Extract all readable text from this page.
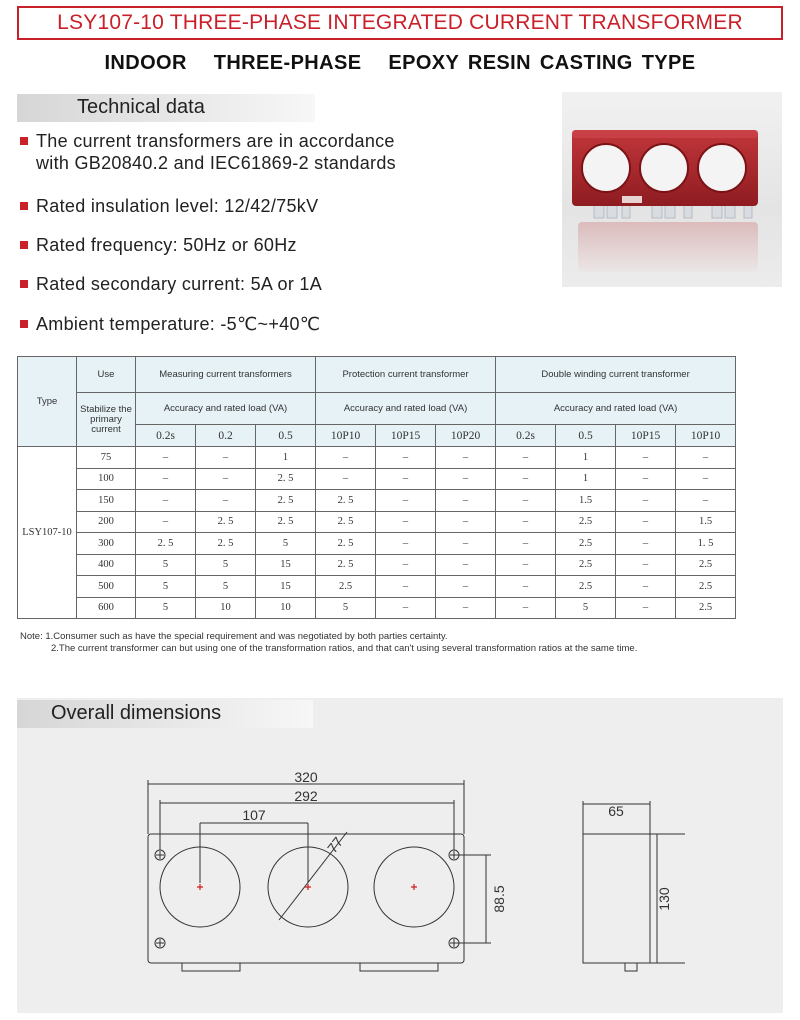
LSY107-10 THREE-PHASE INTEGRATED CURRENT TRANSFORMER
INDOOR   THREE-PHASE   EPOXY RESIN CASTING TYPE
Technical data
The current transformers are in accordance
with GB20840.2 and IEC61869-2 standards
Rated insulation level: 12/42/75kV
Rated frequency: 50Hz or 60Hz
Rated secondary current: 5A or 1A
Ambient temperature: -5℃~+40℃
Type	Use	Measuring current transformers			Protection current transformer			Double winding current transformer			
	Stabilize the primary current	Accuracy and rated load (VA)			Accuracy and rated load (VA)			Accuracy and rated load (VA)			
		0.2s	0.2	0.5	10P10	10P15	10P20	0.2s	0.5	10P15	10P10
LSY107-10	75	–	–	1	–	–	–	–	1	–	–
	100	–	–	2. 5	–	–	–	–	1	–	–
	150	–	–	2. 5	2. 5	–	–	–	1.5	–	–
	200	–	2. 5	2. 5	2. 5	–	–	–	2.5	–	1.5
	300	2. 5	2. 5	5	2. 5	–	–	–	2.5	–	1. 5
	400	5	5	15	2. 5	–	–	–	2.5	–	2.5
	500	5	5	15	2.5	–	–	–	2.5	–	2.5
	600	5	10	10	5	–	–	–	5	–	2.5
Note: 1.Consumer such as have the special requirement and was negotiated by both parties certainty.
2.The current transformer can but using one of the transformation ratios, and that can't using several transformation ratios at the same time.
Overall dimensions
320
292
107
77
88.5
65
130
